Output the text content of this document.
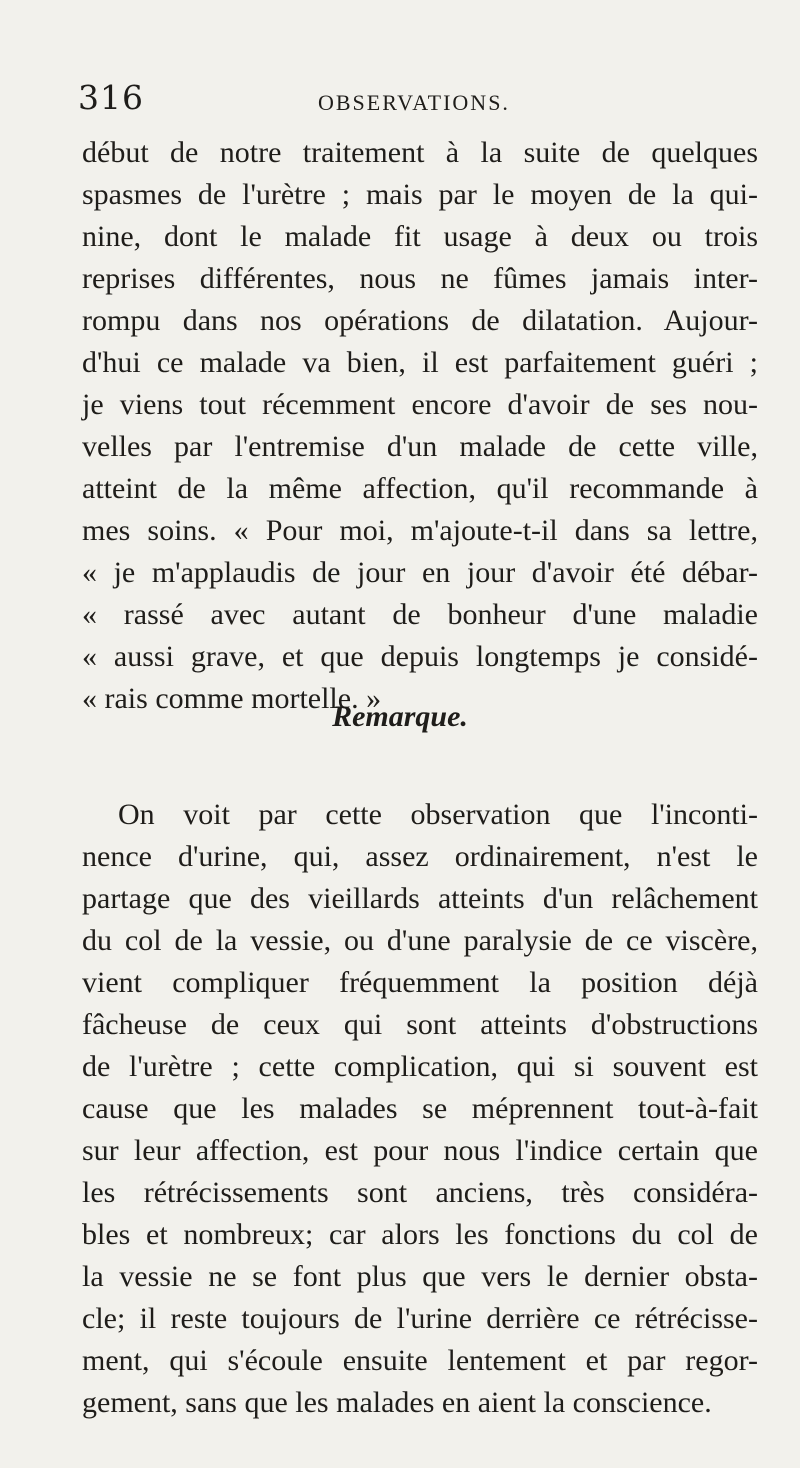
316	OBSERVATIONS.
début de notre traitement à la suite de quelques
spasmes de l'urètre ; mais par le moyen de la qui-
nine, dont le malade fit usage à deux ou trois
reprises différentes, nous ne fûmes jamais inter-
rompu dans nos opérations de dilatation. Aujour-
d'hui ce malade va bien, il est parfaitement guéri ;
je viens tout récemment encore d'avoir de ses nou-
velles par l'entremise d'un malade de cette ville,
atteint de la même affection, qu'il recommande à
mes soins. « Pour moi, m'ajoute-t-il dans sa lettre,
« je m'applaudis de jour en jour d'avoir été débar-
« rassé avec autant de bonheur d'une maladie
« aussi grave, et que depuis longtemps je considé-
« rais comme mortelle. »
Remarque.
On voit par cette observation que l'inconti-
nence d'urine, qui, assez ordinairement, n'est le
partage que des vieillards atteints d'un relâchement
du col de la vessie, ou d'une paralysie de ce viscère,
vient compliquer fréquemment la position déjà
fâcheuse de ceux qui sont atteints d'obstructions
de l'urètre ; cette complication, qui si souvent est
cause que les malades se méprennent tout-à-fait
sur leur affection, est pour nous l'indice certain que
les rétrécissements sont anciens, très considéra-
bles et nombreux; car alors les fonctions du col de
la vessie ne se font plus que vers le dernier obsta-
cle; il reste toujours de l'urine derrière ce rétrécisse-
ment, qui s'écoule ensuite lentement et par regor-
gement, sans que les malades en aient la conscience.
